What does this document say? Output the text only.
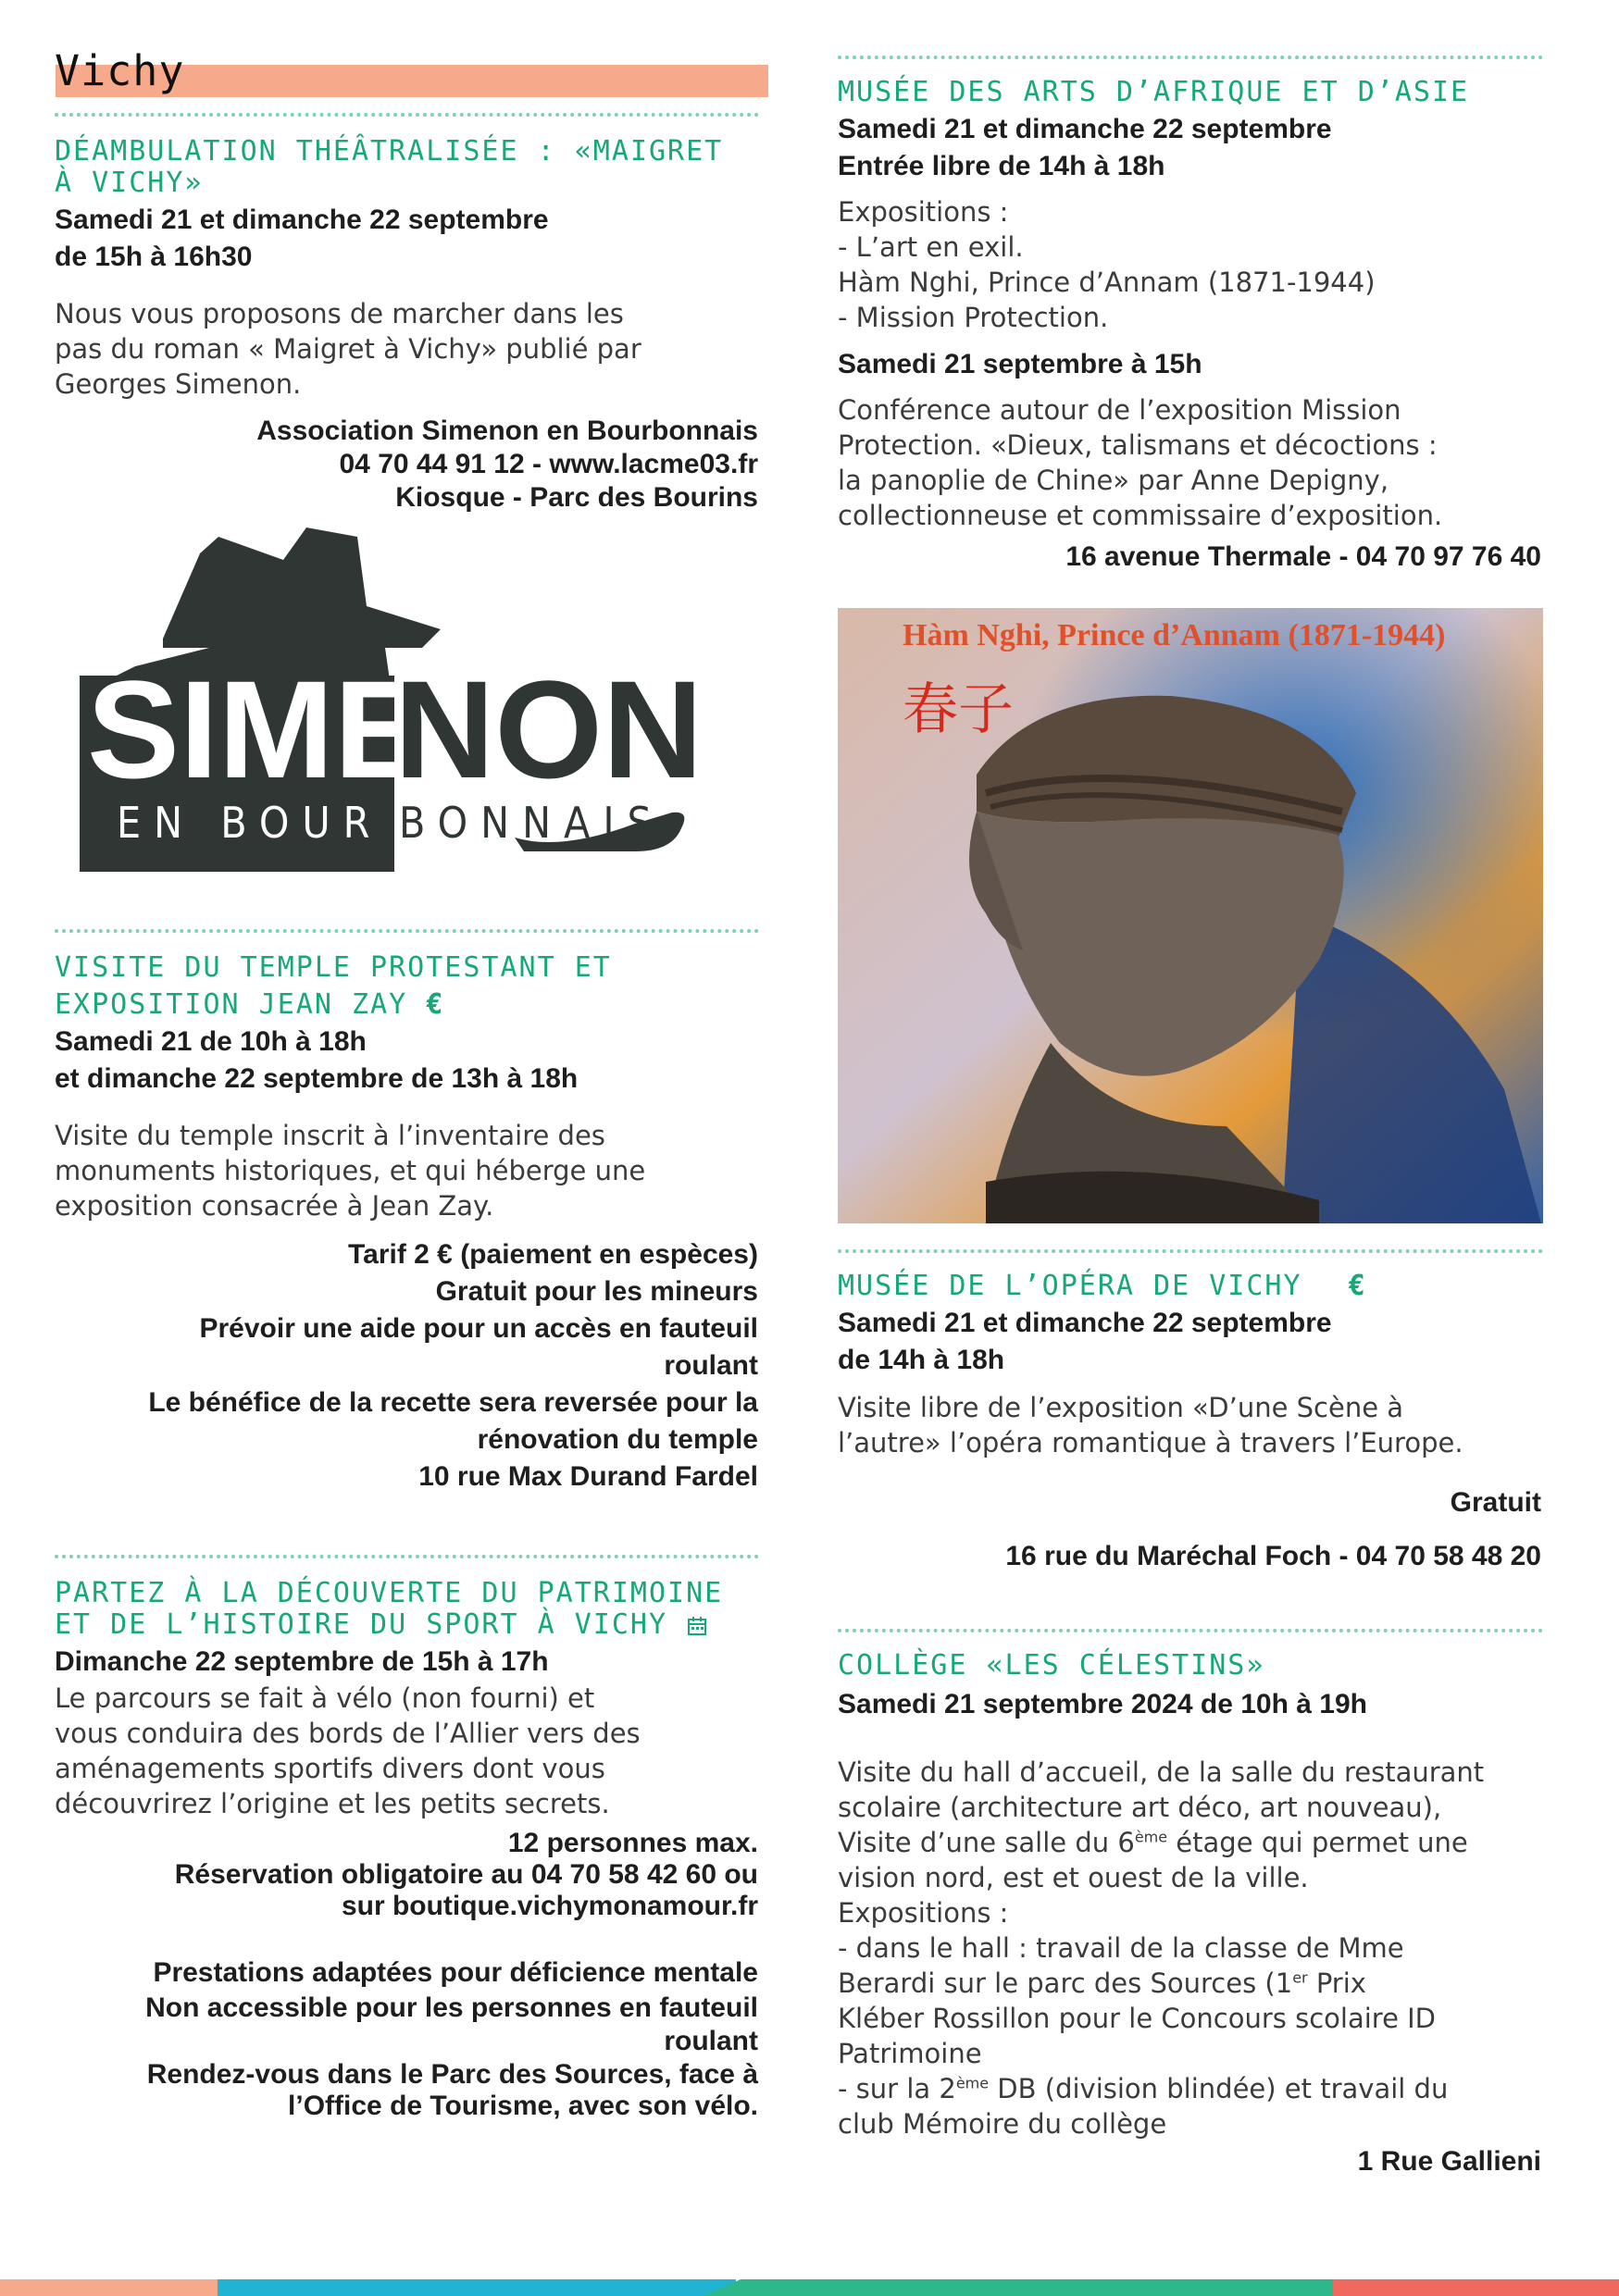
Vichy
DÉAMBULATION THÉÂTRALISÉE : «MAIGRET
À VICHY»
Samedi 21 et dimanche 22 septembre
de 15h à 16h30
Nous vous proposons de marcher dans les
pas du roman « Maigret à Vichy» publié par
Georges Simenon.
Association Simenon en Bourbonnais
04 70 44 91 12 - www.lacme03.fr
Kiosque - Parc des Bourins
SIME
NON
EN BOUR BONNAIS
VISITE DU TEMPLE PROTESTANT ET
EXPOSITION JEAN ZAY €
Samedi 21 de 10h à 18h
et dimanche 22 septembre de 13h à 18h
Visite du temple inscrit à l’inventaire des
monuments historiques, et qui héberge une
exposition consacrée à Jean Zay.
Tarif 2 € (paiement en espèces)
Gratuit pour les mineurs
Prévoir une aide pour un accès en fauteuil
roulant
Le bénéfice de la recette sera reversée pour la
rénovation du temple
10 rue Max Durand Fardel
PARTEZ À LA DÉCOUVERTE DU PATRIMOINE
ET DE L’HISTOIRE DU SPORT À VICHY
Dimanche 22 septembre de 15h à 17h
Le parcours se fait à vélo (non fourni) et
vous conduira des bords de l’Allier vers des
aménagements sportifs divers dont vous
découvrirez l’origine et les petits secrets.
12 personnes max.
Réservation obligatoire au 04 70 58 42 60 ou
sur boutique.vichymonamour.fr
Prestations adaptées pour déficience mentale
Non accessible pour les personnes en fauteuil
roulant
Rendez-vous dans le Parc des Sources, face à
l’Office de Tourisme, avec son vélo.
MUSÉE DES ARTS D’AFRIQUE ET D’ASIE
Samedi 21 et dimanche 22 septembre
Entrée libre de 14h à 18h
Expositions :
- L’art en exil.
Hàm Nghi, Prince d’Annam (1871-1944)
- Mission Protection.
Samedi 21 septembre à 15h
Conférence autour de l’exposition Mission
Protection. «Dieux, talismans et décoctions :
la panoplie de Chine» par Anne Depigny,
collectionneuse et commissaire d’exposition.
16 avenue Thermale - 04 70 97 76 40
Hàm Nghi, Prince d’Annam (1871-1944)
春子
MUSÉE DE L’OPÉRA DE VICHY €
Samedi 21 et dimanche 22 septembre
de 14h à 18h
Visite libre de l’exposition «D’une Scène à
l’autre» l’opéra romantique à travers l’Europe.
Gratuit
16 rue du Maréchal Foch - 04 70 58 48 20
COLLÈGE «LES CÉLESTINS»
Samedi 21 septembre 2024 de 10h à 19h
Visite du hall d’accueil, de la salle du restaurant
scolaire (architecture art déco, art nouveau),
Visite d’une salle du 6ème étage qui permet une
vision nord, est et ouest de la ville.
Expositions :
- dans le hall : travail de la classe de Mme
Berardi sur le parc des Sources (1er Prix
Kléber Rossillon pour le Concours scolaire ID
Patrimoine
- sur la 2ème DB (division blindée) et travail du
club Mémoire du collège
1 Rue Gallieni
